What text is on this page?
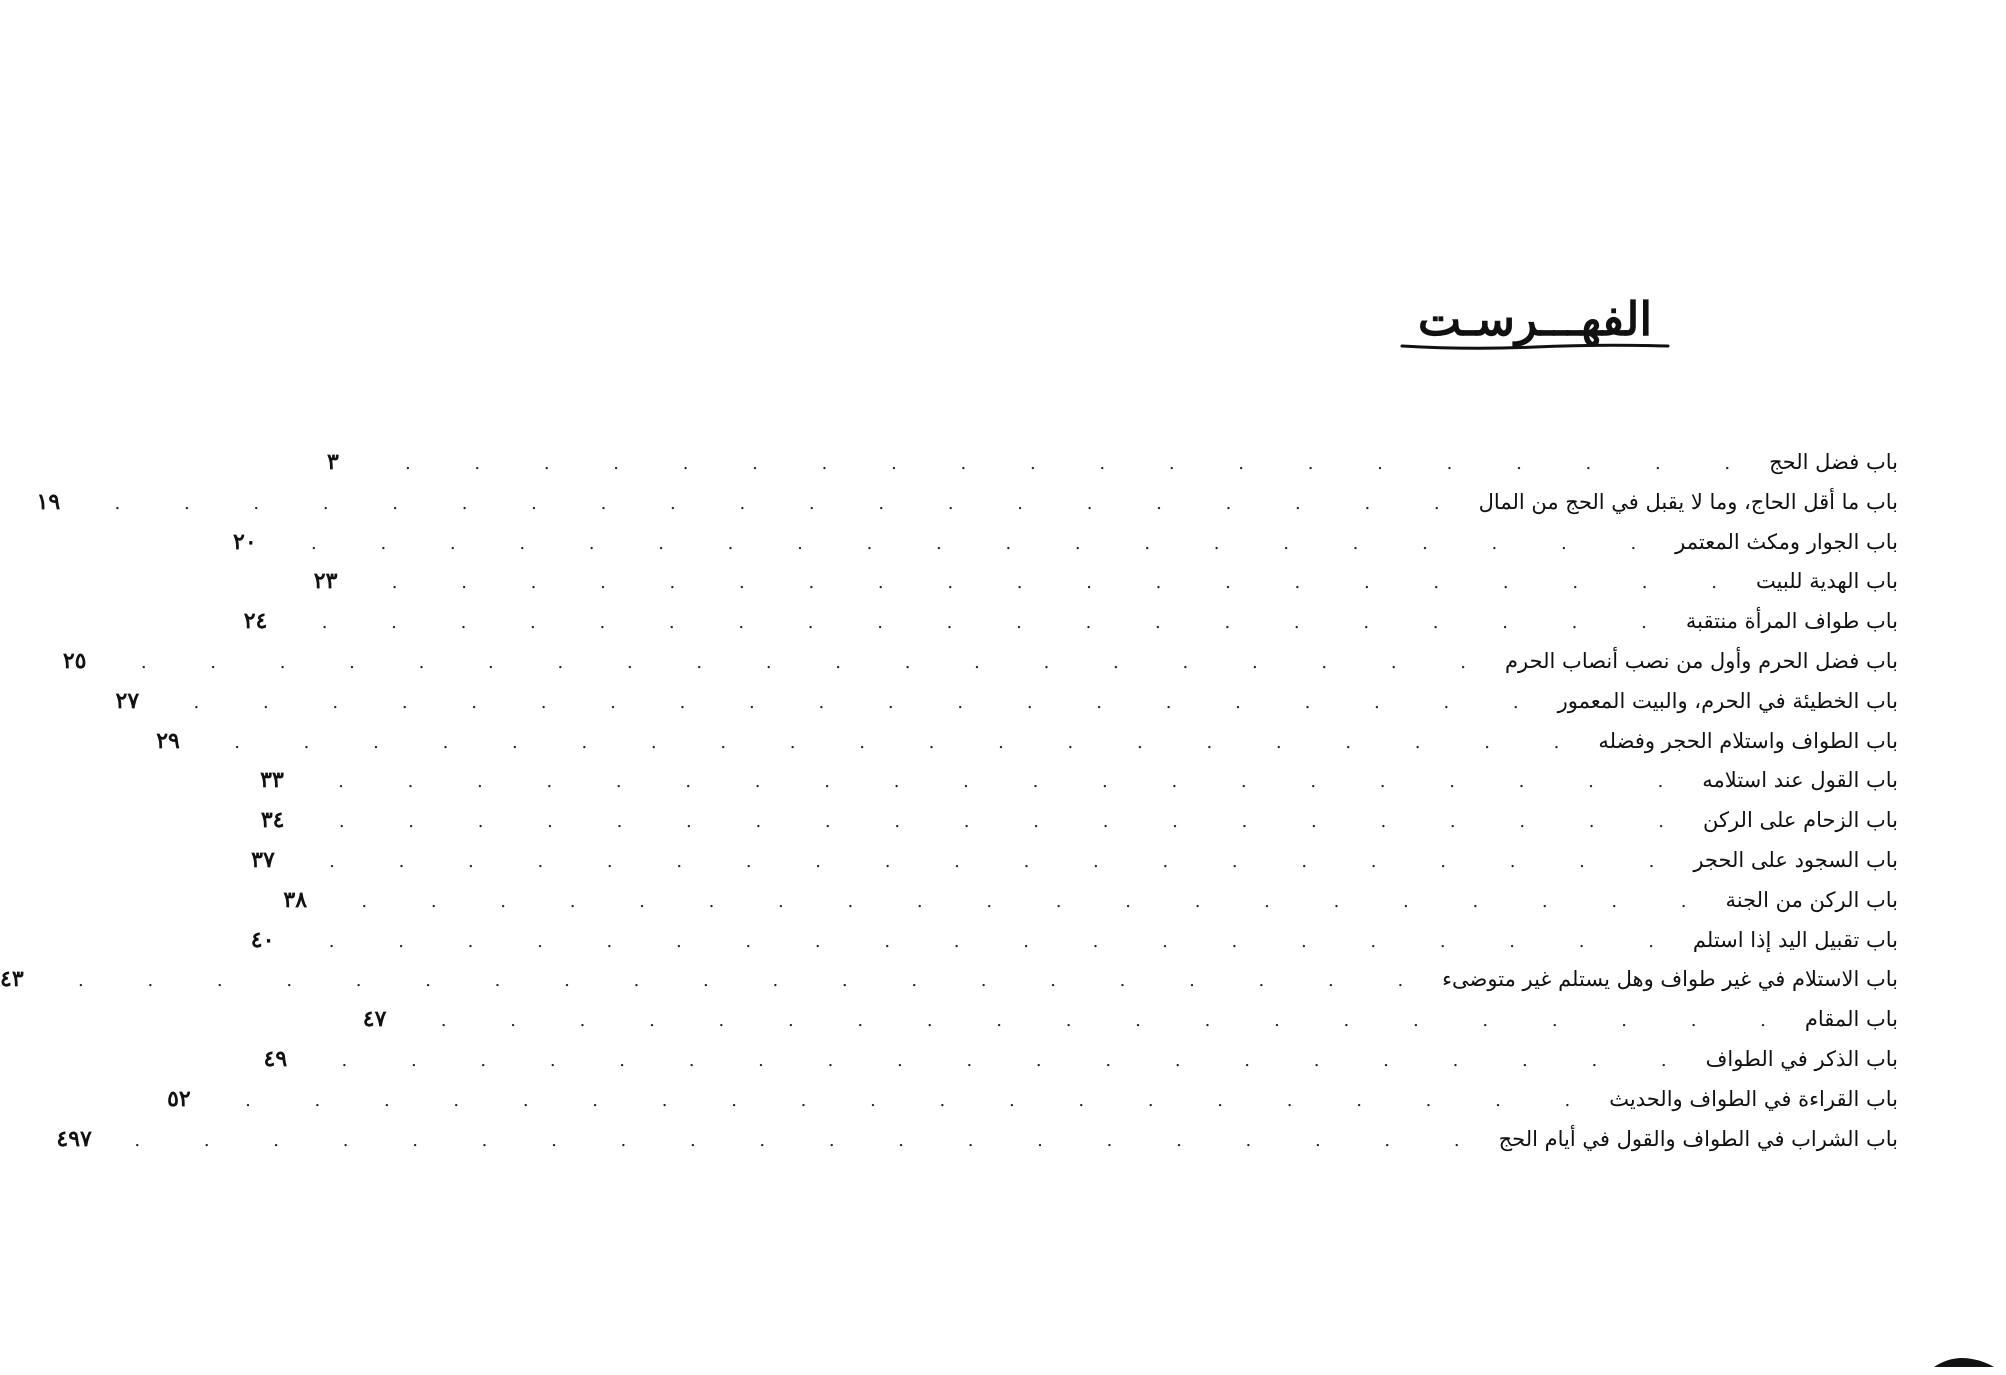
الفهـــرسـت
باب فضل الحج
. . . . . . . . . . . . . . . . . . . .
٣
باب ما أقل الحاج، وما لا يقبل في الحج من المال
. . . . . . . . . . . . . . . . . . . .
١٩
باب الجوار ومكث المعتمر
. . . . . . . . . . . . . . . . . . . .
٢٠
باب الهدية للبيت
. . . . . . . . . . . . . . . . . . . .
٢٣
باب طواف المرأة منتقبة
. . . . . . . . . . . . . . . . . . . .
٢٤
باب فضل الحرم وأول من نصب أنصاب الحرم
. . . . . . . . . . . . . . . . . . . .
٢٥
باب الخطيئة في الحرم، والبيت المعمور
. . . . . . . . . . . . . . . . . . . .
٢٧
باب الطواف واستلام الحجر وفضله
. . . . . . . . . . . . . . . . . . . .
٢٩
باب القول عند استلامه
. . . . . . . . . . . . . . . . . . . .
٣٣
باب الزحام على الركن
. . . . . . . . . . . . . . . . . . . .
٣٤
باب السجود على الحجر
. . . . . . . . . . . . . . . . . . . .
٣٧
باب الركن من الجنة
. . . . . . . . . . . . . . . . . . . .
٣٨
باب تقبيل اليد إذا استلم
. . . . . . . . . . . . . . . . . . . .
٤٠
باب الاستلام في غير طواف وهل يستلم غير متوضىء
. . . . . . . . . . . . . . . . . . . .
٤٣
باب المقام
. . . . . . . . . . . . . . . . . . . .
٤٧
باب الذكر في الطواف
. . . . . . . . . . . . . . . . . . . .
٤٩
باب القراءة في الطواف والحديث
. . . . . . . . . . . . . . . . . . . .
٥٢
باب الشراب في الطواف والقول في أيام الحج
. . . . . . . . . . . . . . . . . . . .
٤٩٧
